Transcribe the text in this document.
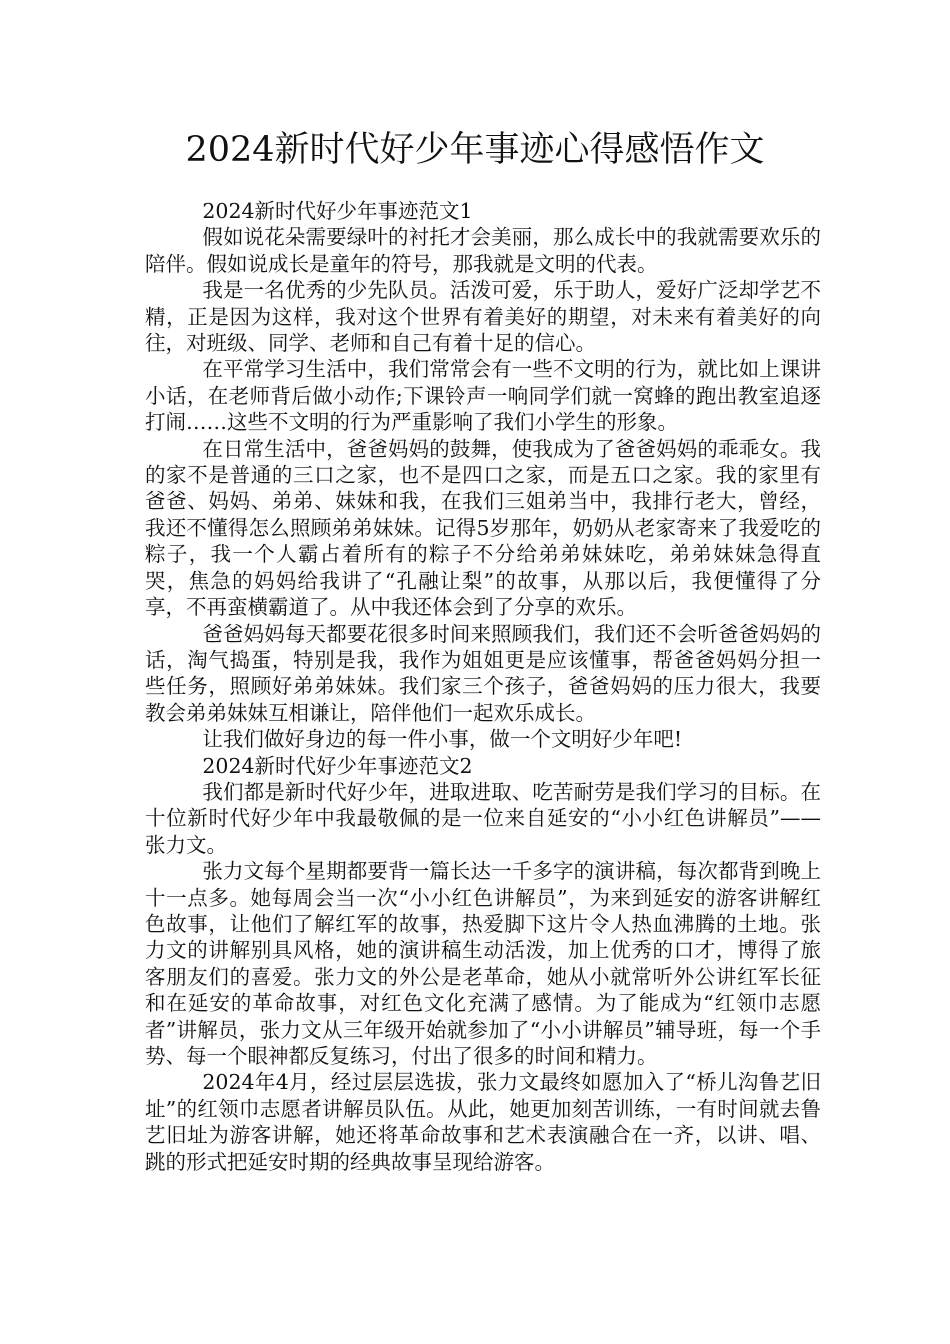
2024新时代好少年事迹心得感悟作文

2024新时代好少年事迹范文1

假如说花朵需要绿叶的衬托才会美丽，那么成长中的我就需要欢乐的陪伴。假如说成长是童年的符号，那我就是文明的代表。

我是一名优秀的少先队员。活泼可爱，乐于助人，爱好广泛却学艺不精，正是因为这样，我对这个世界有着美好的期望，对未来有着美好的向往，对班级、同学、老师和自己有着十足的信心。

在平常学习生活中，我们常常会有一些不文明的行为，就比如上课讲小话，在老师背后做小动作;下课铃声一响同学们就一窝蜂的跑出教室追逐打闹……这些不文明的行为严重影响了我们小学生的形象。

在日常生活中，爸爸妈妈的鼓舞，使我成为了爸爸妈妈的乖乖女。我的家不是普通的三口之家，也不是四口之家，而是五口之家。我的家里有爸爸、妈妈、弟弟、妹妹和我，在我们三姐弟当中，我排行老大，曾经，我还不懂得怎么照顾弟弟妹妹。记得5岁那年，奶奶从老家寄来了我爱吃的粽子，我一个人霸占着所有的粽子不分给弟弟妹妹吃，弟弟妹妹急得直哭，焦急的妈妈给我讲了“孔融让梨”的故事，从那以后，我便懂得了分享，不再蛮横霸道了。从中我还体会到了分享的欢乐。

爸爸妈妈每天都要花很多时间来照顾我们，我们还不会听爸爸妈妈的话，淘气捣蛋，特别是我，我作为姐姐更是应该懂事，帮爸爸妈妈分担一些任务，照顾好弟弟妹妹。我们家三个孩子，爸爸妈妈的压力很大，我要教会弟弟妹妹互相谦让，陪伴他们一起欢乐成长。

让我们做好身边的每一件小事，做一个文明好少年吧!

2024新时代好少年事迹范文2

我们都是新时代好少年，进取进取、吃苦耐劳是我们学习的目标。在十位新时代好少年中我最敬佩的是一位来自延安的“小小红色讲解员”——张力文。

张力文每个星期都要背一篇长达一千多字的演讲稿，每次都背到晚上十一点多。她每周会当一次“小小红色讲解员”，为来到延安的游客讲解红色故事，让他们了解红军的故事，热爱脚下这片令人热血沸腾的土地。张力文的讲解别具风格，她的演讲稿生动活泼，加上优秀的口才，博得了旅客朋友们的喜爱。张力文的外公是老革命，她从小就常听外公讲红军长征和在延安的革命故事，对红色文化充满了感情。为了能成为“红领巾志愿者”讲解员，张力文从三年级开始就参加了“小小讲解员”辅导班，每一个手势、每一个眼神都反复练习，付出了很多的时间和精力。

2024年4月，经过层层选拔，张力文最终如愿加入了“桥儿沟鲁艺旧址”的红领巾志愿者讲解员队伍。从此，她更加刻苦训练，一有时间就去鲁艺旧址为游客讲解，她还将革命故事和艺术表演融合在一齐，以讲、唱、跳的形式把延安时期的经典故事呈现给游客。
